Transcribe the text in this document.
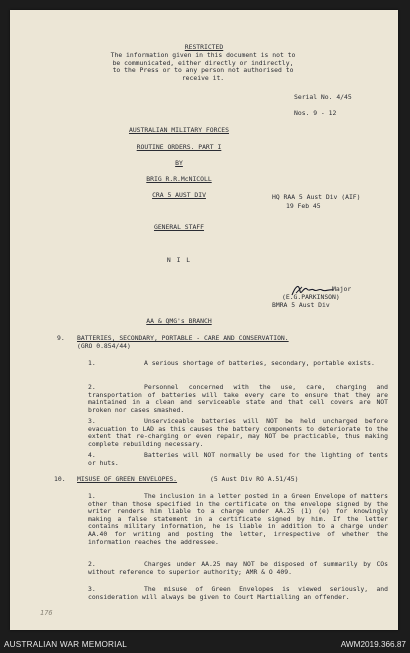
RESTRICTED
The information given in this document is not to be communicated, either directly or indirectly, to the Press or to any person not authorised to receive it.
Serial No. 4/45
Nos. 9 - 12
AUSTRALIAN MILITARY FORCES
ROUTINE ORDERS. PART I
BY
BRIG R.R.McNICOLL
CRA 5 AUST DIV	HQ RAA 5 Aust Div (AIF)
19 Feb 45
GENERAL STAFF
N I L
Major
(E.G.PARKINSON)
BMRA 5 Aust Div
AA & QMG's BRANCH
9. BATTERIES, SECONDARY, PORTABLE - CARE AND CONSERVATION.
(GRO 0.854/44)
1.	A serious shortage of batteries, secondary, portable exists.
2.	Personnel concerned with the use, care, charging and transportation of batteries will take every care to ensure that they are maintained in a clean and serviceable state and that cell covers are NOT broken nor cases smashed.
3.	Unserviceable batteries will NOT be held uncharged before evacuation to LAD as this causes the battery components to deteriorate to the extent that re-charging or even repair, may NOT be practicable, thus making complete rebuilding necessary.
4.	Batteries will NOT normally be used for the lighting of tents or huts.
10. MISUSE OF GREEN ENVELOPES.	(5 Aust Div RO A.51/45)
1.	The inclusion in a letter posted in a Green Envelope of matters other than those specified in the certificate on the envelope signed by the writer renders him liable to a charge under AA.25 (1) (e) for knowingly making a false statement in a certificate signed by him. If the letter contains military information, he is liable in addition to a charge under AA.40 for writing and posting the letter, irrespective of whether the information reaches the addressee.
2.	Charges under AA.25 may NOT be disposed of summarily by COs without reference to superior authority; AMR & O 409.
3.	The misuse of Green Envelopes is viewed seriously, and consideration will always be given to Court Martialling an offender.
176
AUSTRALIAN WAR MEMORIAL	AWM2019.366.87
